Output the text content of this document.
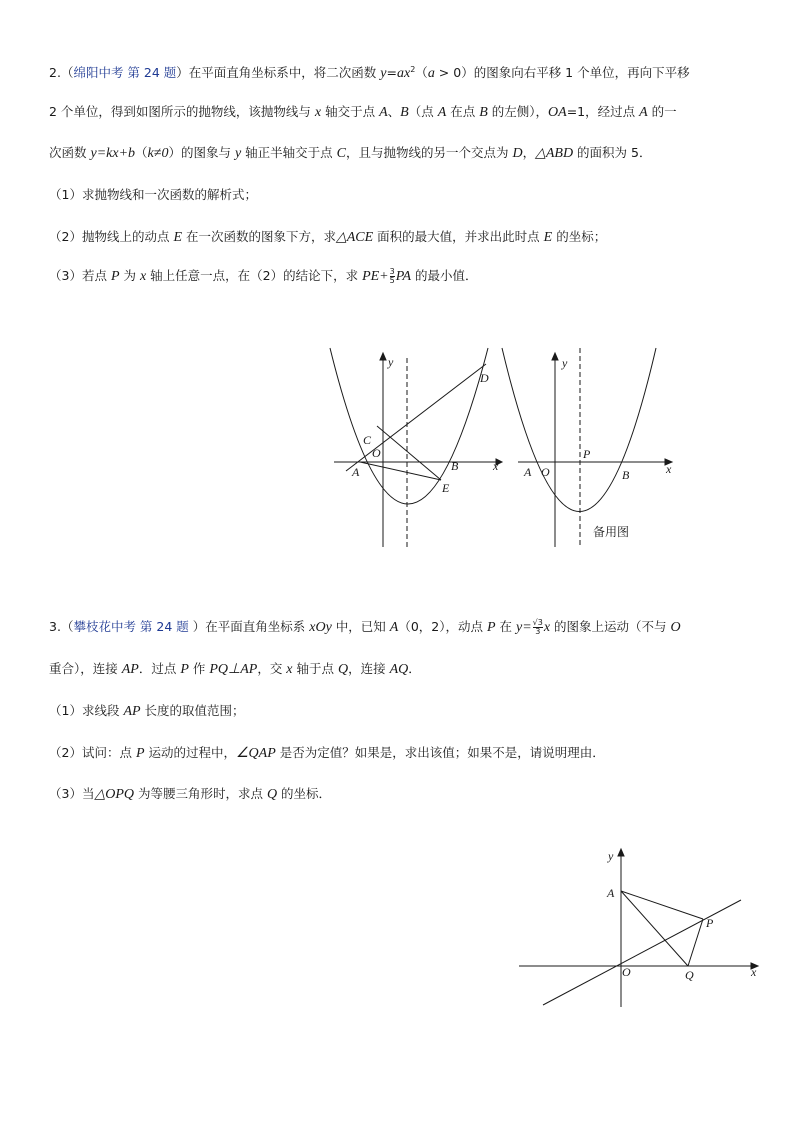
2.（绵阳中考 第 24 题）在平面直角坐标系中，将二次函数 $y=ax^2(a > 0)$的图象向右平移 1 个单位，再向下平移
2 个单位，得到如图所示的抛物线，该抛物线与 x 轴交于点 A、B（点 A 在点 B 的左侧），OA=1，经过点 A 的一
次函数 y=kx+b（k≠0）的图象与 y 轴正半轴交于点 C，且与抛物线的另一个交点为 D，△ABD 的面积为 5．
（1）求抛物线和一次函数的解析式；
（2）抛物线上的动点 E 在一次函数的图象下方，求△ACE 面积的最大值，并求出此时点 E 的坐标；
（3）若点 P 为 x 轴上任意一点，在（2）的结论下，求 $PE+ \frac{3}{5}$ PA 的最小值．
y
x
D
C
O
A	B
E
y
x
A O
P
B
备用图
3.（攀枝花中考 第 24 题 ）在平面直角坐标系 xOy 中，已知 A（0，2），动点 P 在 $y= \frac{√3}{3}$ x 的图象上运动（不与 O
重合），连接 AP．过点 P 作 PQ⊥AP，交 x 轴于点 Q，连接 AQ．
（1）求线段 AP 长度的取值范围；
（2）试问：点 P 运动的过程中，∠QAP 是否为定值？如果是，求出该值；如果不是，请说明理由．
（3）当△OPQ 为等腰三角形时，求点 Q 的坐标．
y
x
A
P
O	Q
